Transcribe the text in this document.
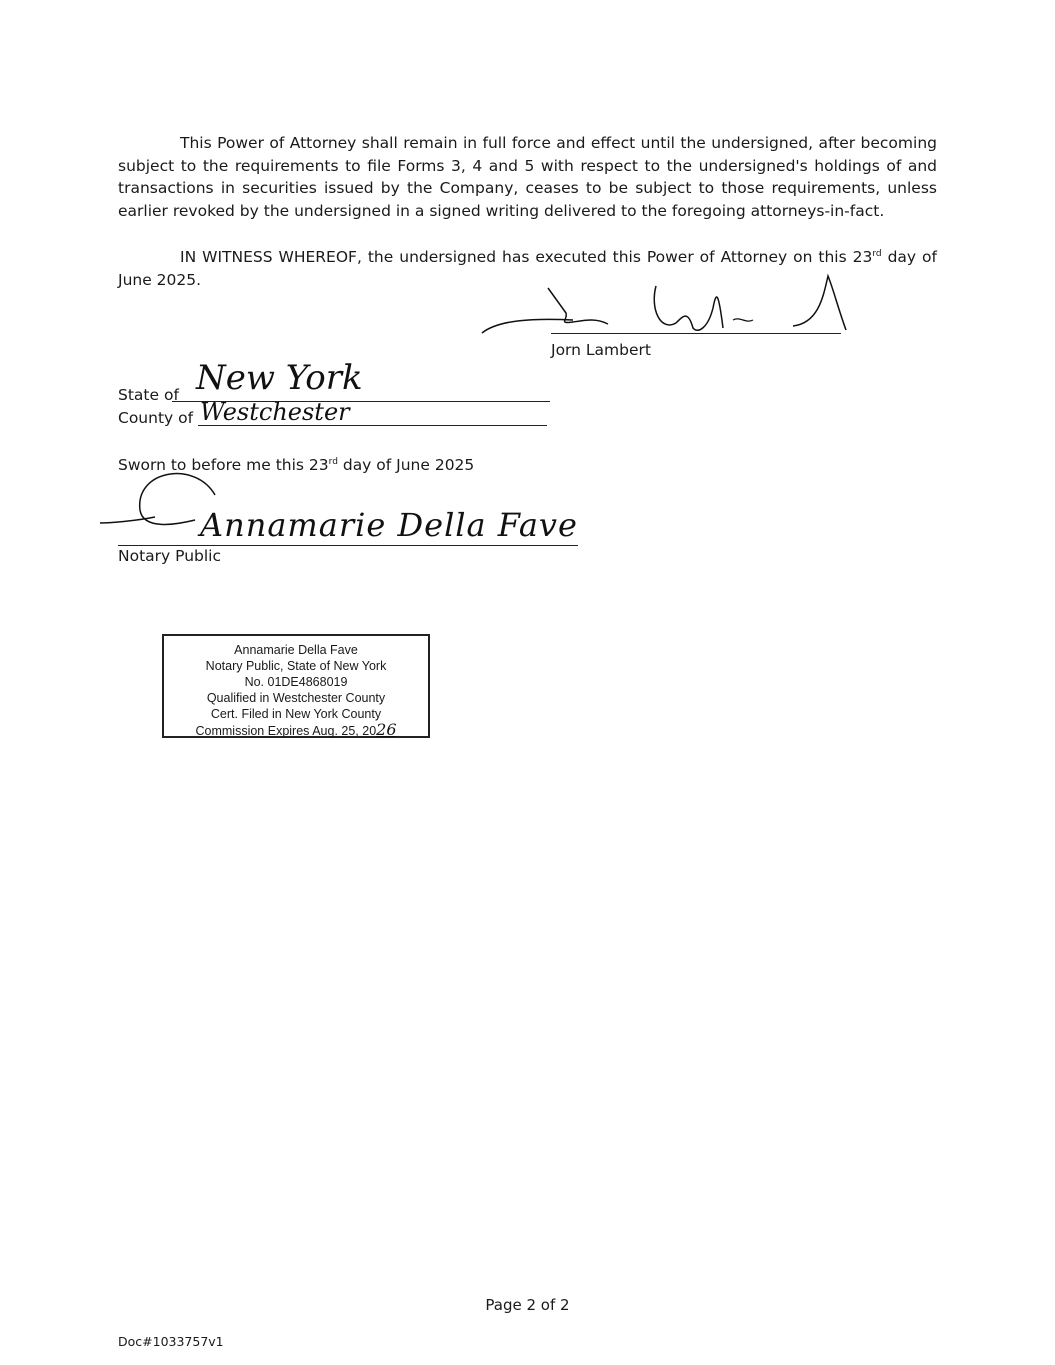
This Power of Attorney shall remain in full force and effect until the undersigned, after becoming subject to the requirements to file Forms 3, 4 and 5 with respect to the undersigned's holdings of and transactions in securities issued by the Company, ceases to be subject to those requirements, unless earlier revoked by the undersigned in a signed writing delivered to the foregoing attorneys-in-fact.

IN WITNESS WHEREOF, the undersigned has executed this Power of Attorney on this 23rd day of June 2025.

Jorn Lambert
State of New York
County of Westchester
Sworn to before me this 23rd day of June 2025
Annamarie Della Fave
Notary Public
Annamarie Della Fave
Notary Public, State of New York
No. 01DE4868019
Qualified in Westchester County
Cert. Filed in New York County
Commission Expires Aug. 25, 2026
Page 2 of 2
Doc#1033757v1
